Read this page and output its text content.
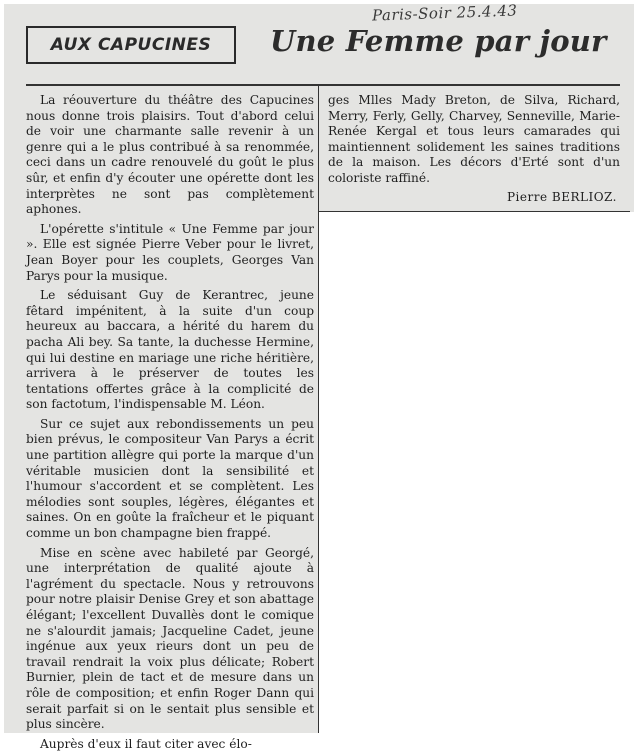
Paris-Soir 25.4.43
AUX CAPUCINES	Une Femme par jour

La réouverture du théâtre des Capucines nous donne trois plaisirs. Tout d'abord celui de voir une charmante salle revenir à un genre qui a le plus contribué à sa renommée, ceci dans un cadre renouvelé du goût le plus sûr, et enfin d'y écouter une opérette dont les interprètes ne sont pas complètement aphones.

L'opérette s'intitule « Une Femme par jour ». Elle est signée Pierre Veber pour le livret, Jean Boyer pour les couplets, Georges Van Parys pour la musique.

Le séduisant Guy de Kerantrec, jeune fêtard impénitent, à la suite d'un coup heureux au baccara, a hérité du harem du pacha Ali bey. Sa tante, la duchesse Hermine, qui lui destine en mariage une riche héritière, arrivera à le préserver de toutes les tentations offertes grâce à la complicité de son factotum, l'indispensable M. Léon.

Sur ce sujet aux rebondissements un peu bien prévus, le compositeur Van Parys a écrit une partition allègre qui porte la marque d'un véritable musicien dont la sensibilité et l'humour s'accordent et se complètent. Les mélodies sont souples, légères, élégantes et saines. On en goûte la fraîcheur et le piquant comme un bon champagne bien frappé.

Mise en scène avec habileté par Georgé, une interprétation de qualité ajoute à l'agrément du spectacle. Nous y retrouvons pour notre plaisir Denise Grey et son abattage élégant; l'excellent Duvallès dont le comique ne s'alourdit jamais; Jacqueline Cadet, jeune ingénue aux yeux rieurs dont un peu de travail rendrait la voix plus délicate; Robert Burnier, plein de tact et de mesure dans un rôle de composition; et enfin Roger Dann qui serait parfait si on le sentait plus sensible et plus sincère.

Auprès d'eux il faut citer avec élo-

ges Mlles Mady Breton, de Silva, Richard, Merry, Ferly, Gelly, Charvey, Senneville, Marie-Renée Kergal et tous leurs camarades qui maintiennent solidement les saines traditions de la maison. Les décors d'Erté sont d'un coloriste raffiné.

Pierre BERLIOZ.
